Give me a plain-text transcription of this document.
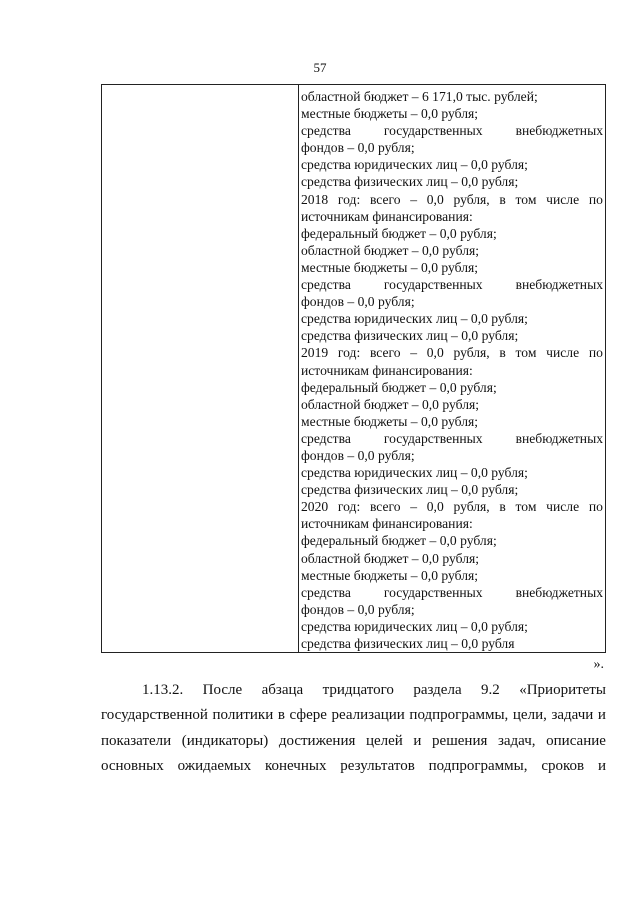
57
областной бюджет – 6 171,0 тыс. рублей;
местные бюджеты – 0,0 рубля;
средства государственных внебюджетных
фондов – 0,0 рубля;
средства юридических лиц – 0,0 рубля;
средства физических лиц – 0,0 рубля;
2018 год: всего – 0,0 рубля, в том числе по
источникам финансирования:
федеральный бюджет – 0,0 рубля;
областной бюджет – 0,0 рубля;
местные бюджеты – 0,0 рубля;
средства государственных внебюджетных
фондов – 0,0 рубля;
средства юридических лиц – 0,0 рубля;
средства физических лиц – 0,0 рубля;
2019 год: всего – 0,0 рубля, в том числе по
источникам финансирования:
федеральный бюджет – 0,0 рубля;
областной бюджет – 0,0 рубля;
местные бюджеты – 0,0 рубля;
средства государственных внебюджетных
фондов – 0,0 рубля;
средства юридических лиц – 0,0 рубля;
средства физических лиц – 0,0 рубля;
2020 год: всего – 0,0 рубля, в том числе по
источникам финансирования:
федеральный бюджет – 0,0 рубля;
областной бюджет – 0,0 рубля;
местные бюджеты – 0,0 рубля;
средства государственных внебюджетных
фондов – 0,0 рубля;
средства юридических лиц – 0,0 рубля;
средства физических лиц – 0,0 рубля
».
1.13.2. После абзаца тридцатого раздела 9.2 «Приоритеты
государственной политики в сфере реализации подпрограммы, цели, задачи и
показатели (индикаторы) достижения целей и решения задач, описание
основных ожидаемых конечных результатов подпрограммы, сроков и
